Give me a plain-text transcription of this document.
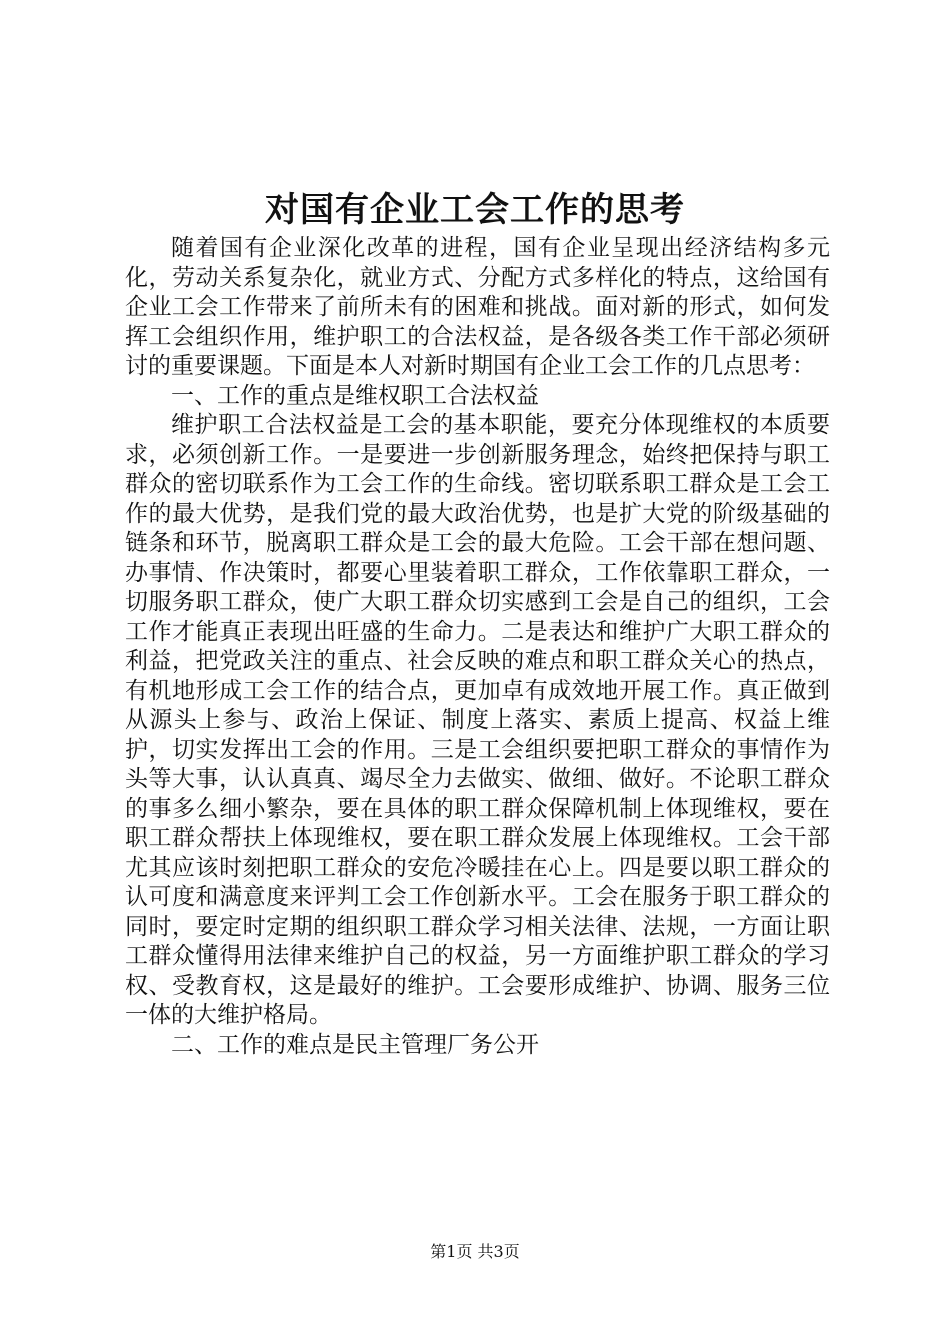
对国有企业工会工作的思考

随着国有企业深化改革的进程，国有企业呈现出经济结构多元化，劳动关系复杂化，就业方式、分配方式多样化的特点，这给国有企业工会工作带来了前所未有的困难和挑战。面对新的形式，如何发挥工会组织作用，维护职工的合法权益，是各级各类工作干部必须研讨的重要课题。下面是本人对新时期国有企业工会工作的几点思考：

一、工作的重点是维权职工合法权益

维护职工合法权益是工会的基本职能，要充分体现维权的本质要求，必须创新工作。一是要进一步创新服务理念，始终把保持与职工群众的密切联系作为工会工作的生命线。密切联系职工群众是工会工作的最大优势，是我们党的最大政治优势，也是扩大党的阶级基础的链条和环节，脱离职工群众是工会的最大危险。工会干部在想问题、办事情、作决策时，都要心里装着职工群众，工作依靠职工群众，一切服务职工群众，使广大职工群众切实感到工会是自己的组织，工会工作才能真正表现出旺盛的生命力。二是表达和维护广大职工群众的利益，把党政关注的重点、社会反映的难点和职工群众关心的热点，有机地形成工会工作的结合点，更加卓有成效地开展工作。真正做到从源头上参与、政治上保证、制度上落实、素质上提高、权益上维护，切实发挥出工会的作用。三是工会组织要把职工群众的事情作为头等大事，认认真真、竭尽全力去做实、做细、做好。不论职工群众的事多么细小繁杂，要在具体的职工群众保障机制上体现维权，要在职工群众帮扶上体现维权，要在职工群众发展上体现维权。工会干部尤其应该时刻把职工群众的安危冷暖挂在心上。四是要以职工群众的认可度和满意度来评判工会工作创新水平。工会在服务于职工群众的同时，要定时定期的组织职工群众学习相关法律、法规，一方面让职工群众懂得用法律来维护自己的权益，另一方面维护职工群众的学习权、受教育权，这是最好的维护。工会要形成维护、协调、服务三位一体的大维护格局。

二、工作的难点是民主管理厂务公开

第1页 共3页
